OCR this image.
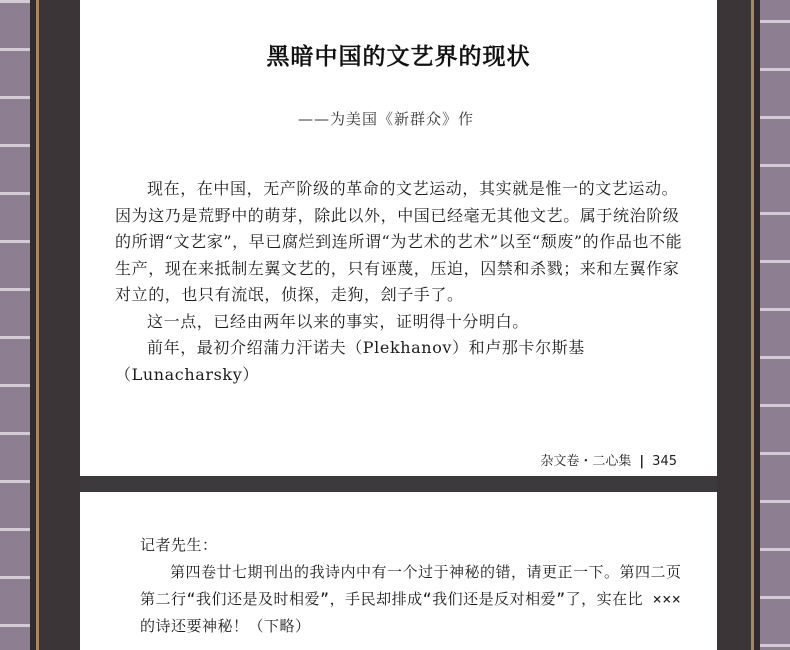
黑暗中国的文艺界的现状
——为美国《新群众》作

现在，在中国，无产阶级的革命的文艺运动，其实就是惟一的文艺运动。因为这乃是荒野中的萌芽，除此以外，中国已经毫无其他文艺。属于统治阶级的所谓“文艺家”，早已腐烂到连所谓“为艺术的艺术”以至“颓废”的作品也不能生产，现在来抵制左翼文艺的，只有诬蔑，压迫，囚禁和杀戮；来和左翼作家对立的，也只有流氓，侦探，走狗，刽子手了。

这一点，已经由两年以来的事实，证明得十分明白。

前年，最初介绍蒲力汗诺夫（Plekhanov）和卢那卡尔斯基（Lunacharsky）

杂文卷・二心集 | 345
记者先生：

第四卷廿七期刊出的我诗内中有一个过于神秘的错，请更正一下。第四二页第二行“我们还是及时相爱”，手民却排成“我们还是反对相爱”了，实在比 ××× 的诗还要神秘！（下略）
